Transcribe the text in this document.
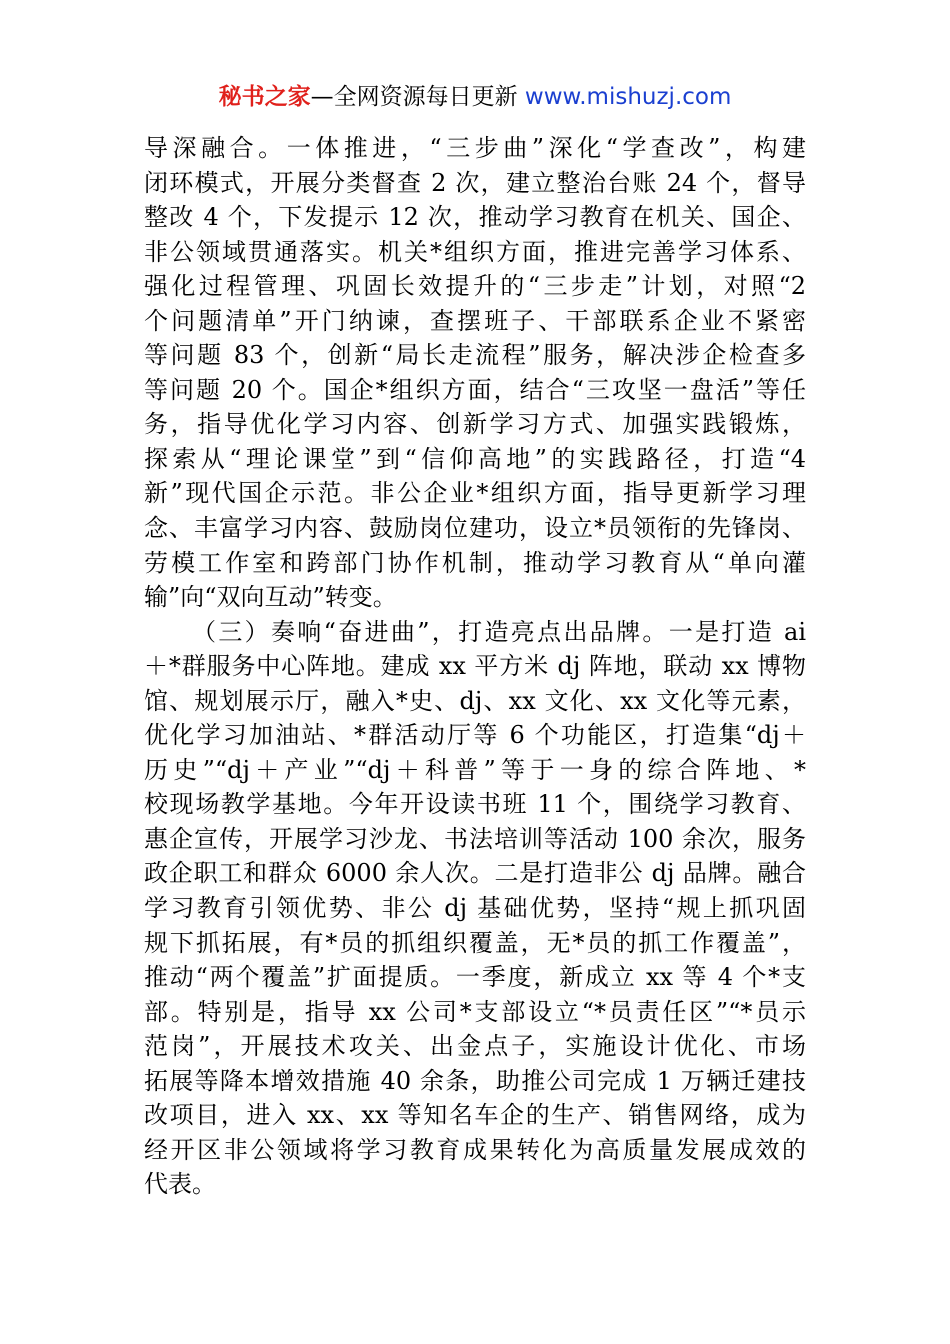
秘书之家—全网资源每日更新 www.mishuzj.com
导深融合。一体推进，“三步曲”深化“学查改”，构建
闭环模式，开展分类督查 2 次，建立整治台账 24 个，督导
整改 4 个，下发提示 12 次，推动学习教育在机关、国企、
非公领域贯通落实。机关*组织方面，推进完善学习体系、
强化过程管理、巩固长效提升的“三步走”计划，对照“2
个问题清单”开门纳谏，查摆班子、干部联系企业不紧密
等问题 83 个，创新“局长走流程”服务，解决涉企检查多
等问题 20 个。国企*组织方面，结合“三攻坚一盘活”等任
务，指导优化学习内容、创新学习方式、加强实践锻炼，
探索从“理论课堂”到“信仰高地”的实践路径，打造“4
新”现代国企示范。非公企业*组织方面，指导更新学习理
念、丰富学习内容、鼓励岗位建功，设立*员领衔的先锋岗、
劳模工作室和跨部门协作机制，推动学习教育从“单向灌
输”向“双向互动”转变。
（三）奏响“奋进曲”，打造亮点出品牌。一是打造 ai
＋*群服务中心阵地。建成 xx 平方米 dj 阵地，联动 xx 博物
馆、规划展示厅，融入*史、dj、xx 文化、xx 文化等元素，
优化学习加油站、*群活动厅等 6 个功能区，打造集“dj＋
历史”“dj＋产业”“dj＋科普”等于一身的综合阵地、*
校现场教学基地。今年开设读书班 11 个，围绕学习教育、
惠企宣传，开展学习沙龙、书法培训等活动 100 余次，服务
政企职工和群众 6000 余人次。二是打造非公 dj 品牌。融合
学习教育引领优势、非公 dj 基础优势，坚持“规上抓巩固
规下抓拓展，有*员的抓组织覆盖，无*员的抓工作覆盖”，
推动“两个覆盖”扩面提质。一季度，新成立 xx 等 4 个*支
部。特别是，指导 xx 公司*支部设立“*员责任区”“*员示
范岗”，开展技术攻关、出金点子，实施设计优化、市场
拓展等降本增效措施 40 余条，助推公司完成 1 万辆迁建技
改项目，进入 xx、xx 等知名车企的生产、销售网络，成为
经开区非公领域将学习教育成果转化为高质量发展成效的
代表。
